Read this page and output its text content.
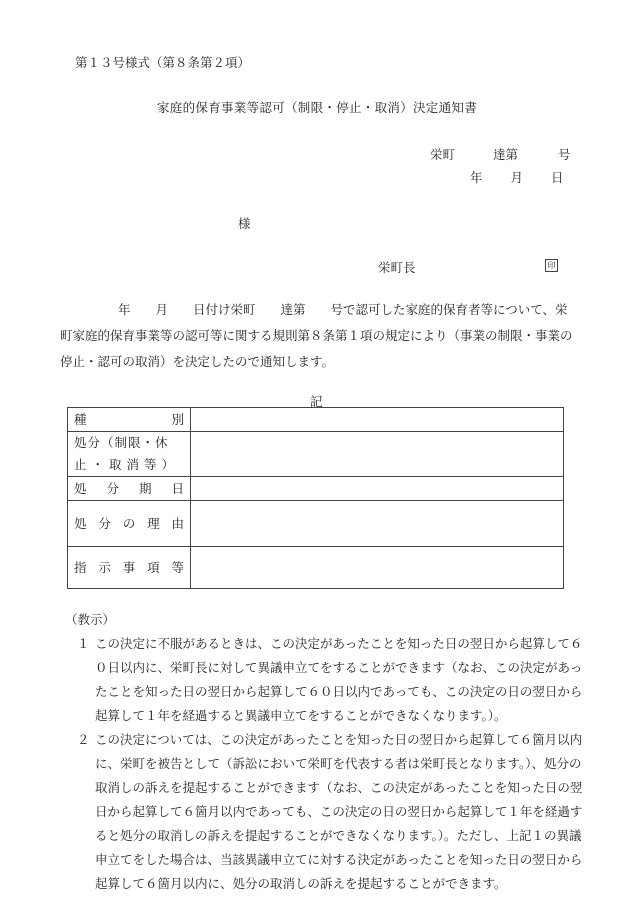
第１３号様式（第８条第２項）
家庭的保育事業等認可（制限・停止・取消）決定通知書
栄町	達第	号
年 月 日
様
栄町長	印
年　　月　　日付け栄町　　達第　　号で認可した家庭的保育者等について、栄町家庭的保育事業等の認可等に関する規則第８条第１項の規定により（事業の制限・事業の停止・認可の取消）を決定したので通知します。
記
種 別	

処分（制限・休
止・取消等）	

処 分 期 日	

処 分 の 理 由	

指 示 事 項 等	

（教示）
１ この決定に不服があるときは、この決定があったことを知った日の翌日から起算して６０日以内に、栄町長に対して異議申立てをすることができます（なお、この決定があったことを知った日の翌日から起算して６０日以内であっても、この決定の日の翌日から起算して１年を経過すると異議申立てをすることができなくなります。）。
２ この決定については、この決定があったことを知った日の翌日から起算して６箇月以内に、栄町を被告として（訴訟において栄町を代表する者は栄町長となります。）、処分の取消しの訴えを提起することができます（なお、この決定があったことを知った日の翌日から起算して６箇月以内であっても、この決定の日の翌日から起算して１年を経過すると処分の取消しの訴えを提起することができなくなります。）。ただし、上記１の異議申立てをした場合は、当該異議申立てに対する決定があったことを知った日の翌日から起算して６箇月以内に、処分の取消しの訴えを提起することができます。
